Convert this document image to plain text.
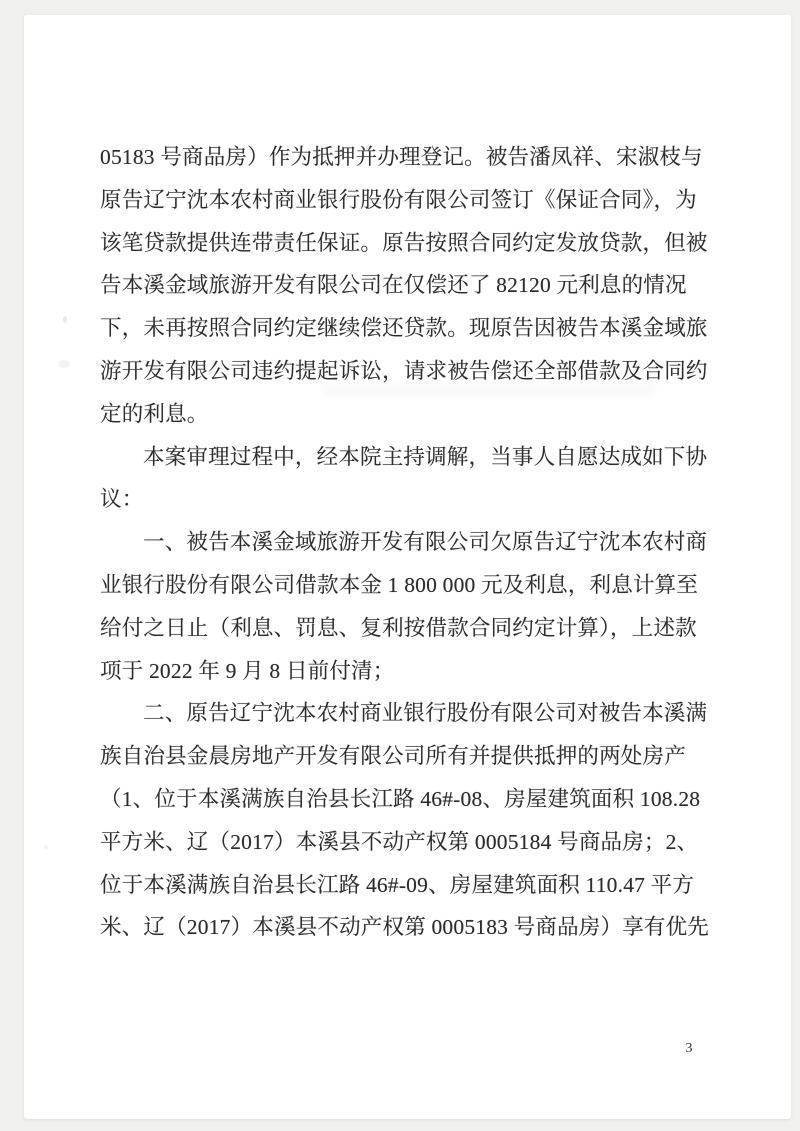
05183 号商品房）作为抵押并办理登记。被告潘凤祥、宋淑枝与
原告辽宁沈本农村商业银行股份有限公司签订《保证合同》，为
该笔贷款提供连带责任保证。原告按照合同约定发放贷款，但被
告本溪金域旅游开发有限公司在仅偿还了 82120 元利息的情况
下，未再按照合同约定继续偿还贷款。现原告因被告本溪金域旅
游开发有限公司违约提起诉讼，请求被告偿还全部借款及合同约
定的利息。
本案审理过程中，经本院主持调解，当事人自愿达成如下协
议：
一、被告本溪金域旅游开发有限公司欠原告辽宁沈本农村商
业银行股份有限公司借款本金 1 800 000 元及利息，利息计算至
给付之日止（利息、罚息、复利按借款合同约定计算），上述款
项于 2022 年 9 月 8 日前付清；
二、原告辽宁沈本农村商业银行股份有限公司对被告本溪满
族自治县金晨房地产开发有限公司所有并提供抵押的两处房产
（1、位于本溪满族自治县长江路 46#-08、房屋建筑面积 108.28
平方米、辽（2017）本溪县不动产权第 0005184 号商品房；2、
位于本溪满族自治县长江路 46#-09、房屋建筑面积 110.47 平方
米、辽（2017）本溪县不动产权第 0005183 号商品房）享有优先
3
